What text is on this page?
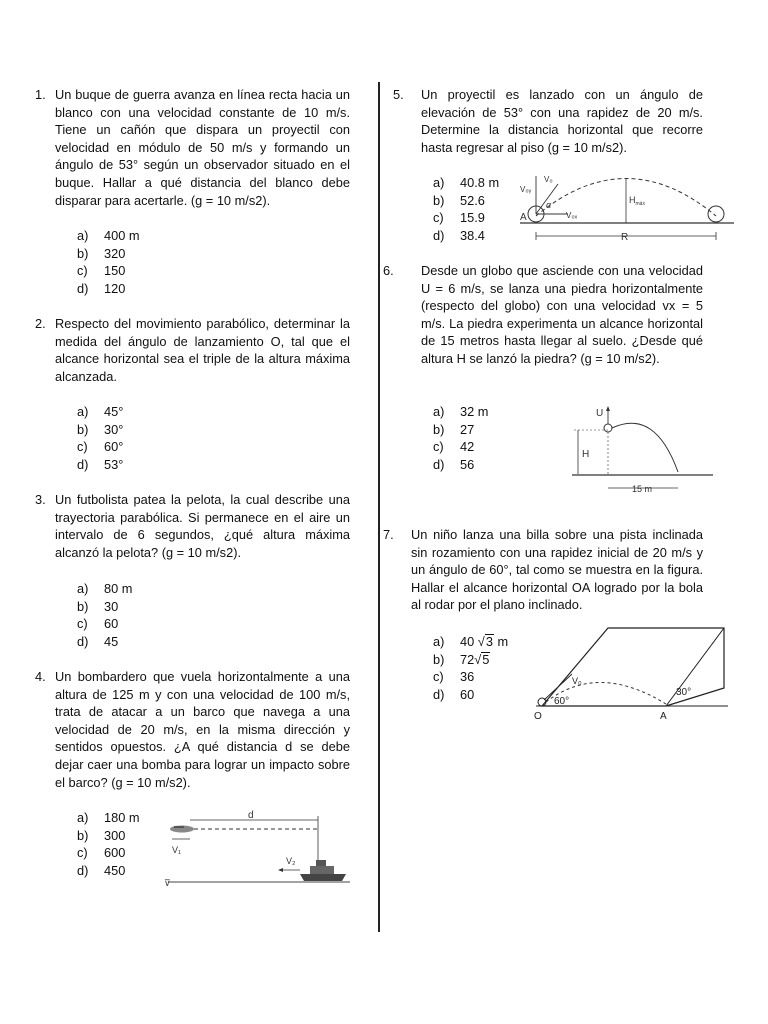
1. Un buque de guerra avanza en línea recta hacia un blanco con una velocidad constante de 10 m/s. Tiene un cañón que dispara un proyectil con velocidad en módulo de 50 m/s y formando un ángulo de 53° según un observador situado en el buque. Hallar a qué distancia del blanco debe disparar para acertarle. (g = 10 m/s2).
a) 400 m
b) 320
c) 150
d) 120
2. Respecto del movimiento parabólico, determinar la medida del ángulo de lanzamiento O, tal que el alcance horizontal sea el triple de la altura máxima alcanzada.
a) 45°
b) 30°
c) 60°
d) 53°
3. Un futbolista patea la pelota, la cual describe una trayectoria parabólica. Si permanece en el aire un intervalo de 6 segundos, ¿qué altura máxima alcanzó la pelota? (g = 10 m/s2).
a) 80 m
b) 30
c) 60
d) 45
4. Un bombardero que vuela horizontalmente a una altura de 125 m y con una velocidad de 100 m/s, trata de atacar a un barco que navega a una velocidad de 20 m/s, en la misma dirección y sentidos opuestos. ¿A qué distancia d se debe dejar caer una bomba para lograr un impacto sobre el barco? (g = 10 m/s2).
a) 180 m
b) 300
c) 600
d) 450
d
V₁
V₂
⊽
5. Un proyectil es lanzado con un ángulo de elevación de 53° con una rapidez de 20 m/s. Determine la distancia horizontal que recorre hasta regresar al piso (g = 10 m/s2).
a) 40.8 m
b) 52.6
c) 15.9
d) 38.4
V₀
V₀ᵧ
V₀ₓ
α
A
$H_{máx}$
R
6. Desde un globo que asciende con una velocidad U = 6 m/s, se lanza una piedra horizontalmente (respecto del globo) con una velocidad vx = 5 m/s. La piedra experimenta un alcance horizontal de 15 metros hasta llegar al suelo. ¿Desde qué altura H se lanzó la piedra? (g = 10 m/s2).
a) 32 m
b) 27
c) 42
d) 56
U
H
15 m
7. Un niño lanza una billa sobre una pista inclinada sin rozamiento con una rapidez inicial de 20 m/s y un ángulo de 60°, tal como se muestra en la figura. Hallar el alcance horizontal OA logrado por la bola al rodar por el plano inclinado.
a) 40 √3 m
b) 72√5
c) 36
d) 60
V₀
60°
30°
O	A
